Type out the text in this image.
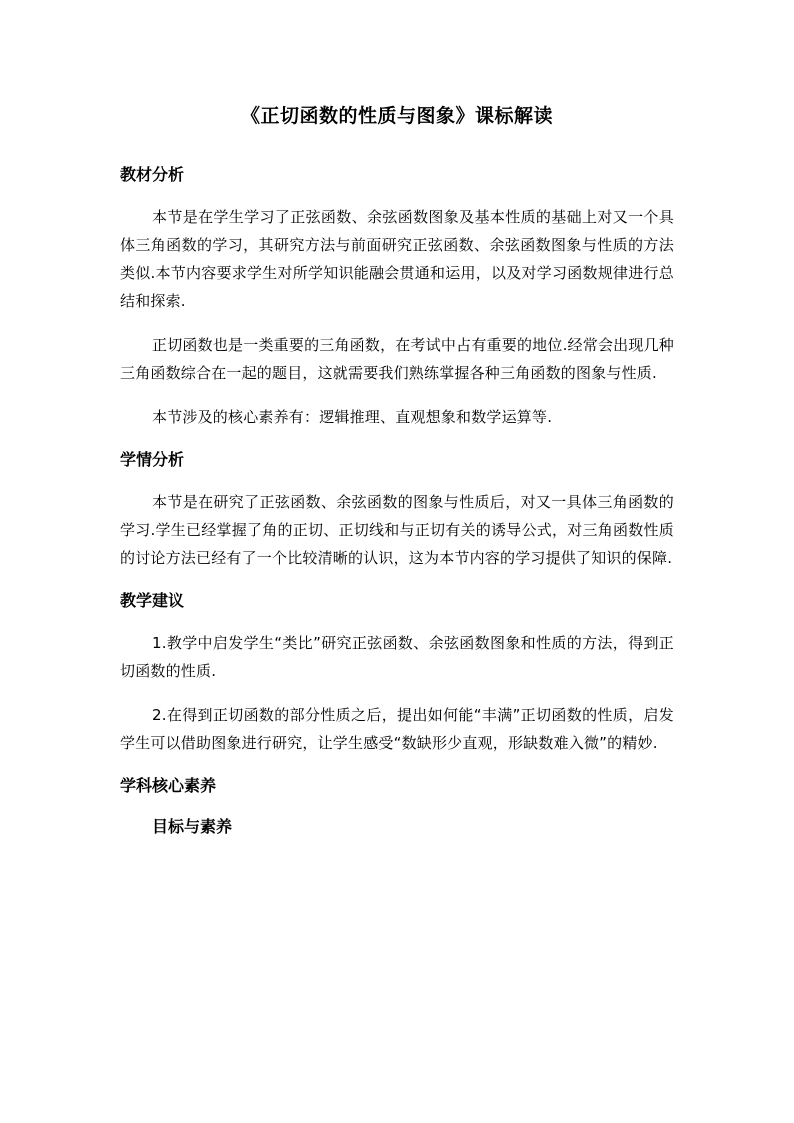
《正切函数的性质与图象》课标解读
教材分析

本节是在学生学习了正弦函数、余弦函数图象及基本性质的基础上对又一个具体三角函数的学习，其研究方法与前面研究正弦函数、余弦函数图象与性质的方法类似.本节内容要求学生对所学知识能融会贯通和运用，以及对学习函数规律进行总结和探索.

正切函数也是一类重要的三角函数，在考试中占有重要的地位.经常会出现几种三角函数综合在一起的题目，这就需要我们熟练掌握各种三角函数的图象与性质.

本节涉及的核心素养有：逻辑推理、直观想象和数学运算等.

学情分析

本节是在研究了正弦函数、余弦函数的图象与性质后，对又一具体三角函数的学习.学生已经掌握了角的正切、正切线和与正切有关的诱导公式，对三角函数性质的讨论方法已经有了一个比较清晰的认识，这为本节内容的学习提供了知识的保障.

教学建议

1.教学中启发学生“类比”研究正弦函数、余弦函数图象和性质的方法，得到正切函数的性质.

2.在得到正切函数的部分性质之后，提出如何能“丰满”正切函数的性质，启发学生可以借助图象进行研究，让学生感受“数缺形少直观，形缺数难入微”的精妙.

学科核心素养
目标与素养
